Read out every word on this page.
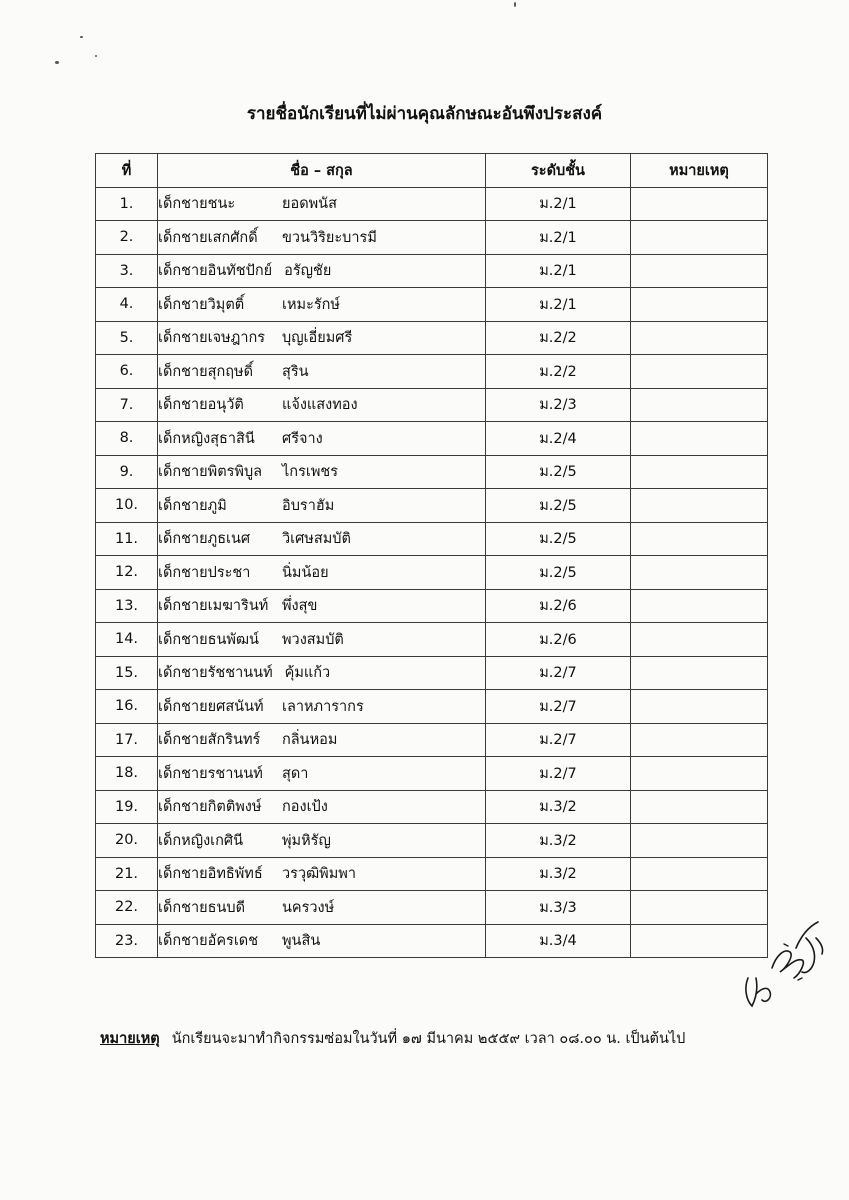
รายชื่อนักเรียนที่ไม่ผ่านคุณลักษณะอันพึงประสงค์
ที่	ชื่อ – สกุล	ระดับชั้น	หมายเหตุ
1.	เด็กชายชนะ ยอดพนัส	ม.2/1	
2.	เด็กชายเสกศักดิ์ ขวนวิริยะบารมี	ม.2/1	
3.	เด็กชายอินทัชปักย์ อรัญชัย	ม.2/1	
4.	เด็กชายวิมุตติ์ เหมะรักษ์	ม.2/1	
5.	เด็กชายเจษฎากร บุญเอี่ยมศรี	ม.2/2	
6.	เด็กชายสุกฤษดิ์ สุริน	ม.2/2	
7.	เด็กชายอนุวัติ แจ้งแสงทอง	ม.2/3	
8.	เด็กหญิงสุธาสินี ศรีจาง	ม.2/4	
9.	เด็กชายพิตรพิบูล ไกรเพชร	ม.2/5	
10.	เด็กชายภูมิ อิบราฮัม	ม.2/5	
11.	เด็กชายภูธเนศ วิเศษสมบัติ	ม.2/5	
12.	เด็กชายประชา นิ่มน้อย	ม.2/5	
13.	เด็กชายเมฆารินท์ พึ่งสุข	ม.2/6	
14.	เด็กชายธนพัฒน์ พวงสมบัติ	ม.2/6	
15.	เด้กชายรัชชานนท์ คุ้มแก้ว	ม.2/7	
16.	เด็กชายยศสนันท์ เลาหภารากร	ม.2/7	
17.	เด็กชายสักรินทร์ กลิ่นหอม	ม.2/7	
18.	เด็กชายรชานนท์ สุดา	ม.2/7	
19.	เด็กชายกิตติพงษ์ กองเป้ง	ม.3/2	
20.	เด็กหญิงเกศินี พุ่มหิรัญ	ม.3/2	
21.	เด็กชายอิทธิพัทธ์ วรวุฒิพิมพา	ม.3/2	
22.	เด็กชายธนบดี นครวงษ์	ม.3/3	
23.	เด็กชายอัครเดช พูนสิน	ม.3/4	
หมายเหตุ นักเรียนจะมาทำกิจกรรมซ่อมในวันที่ ๑๗ มีนาคม ๒๕๕๙ เวลา ๐๘.๐๐ น. เป็นต้นไป
